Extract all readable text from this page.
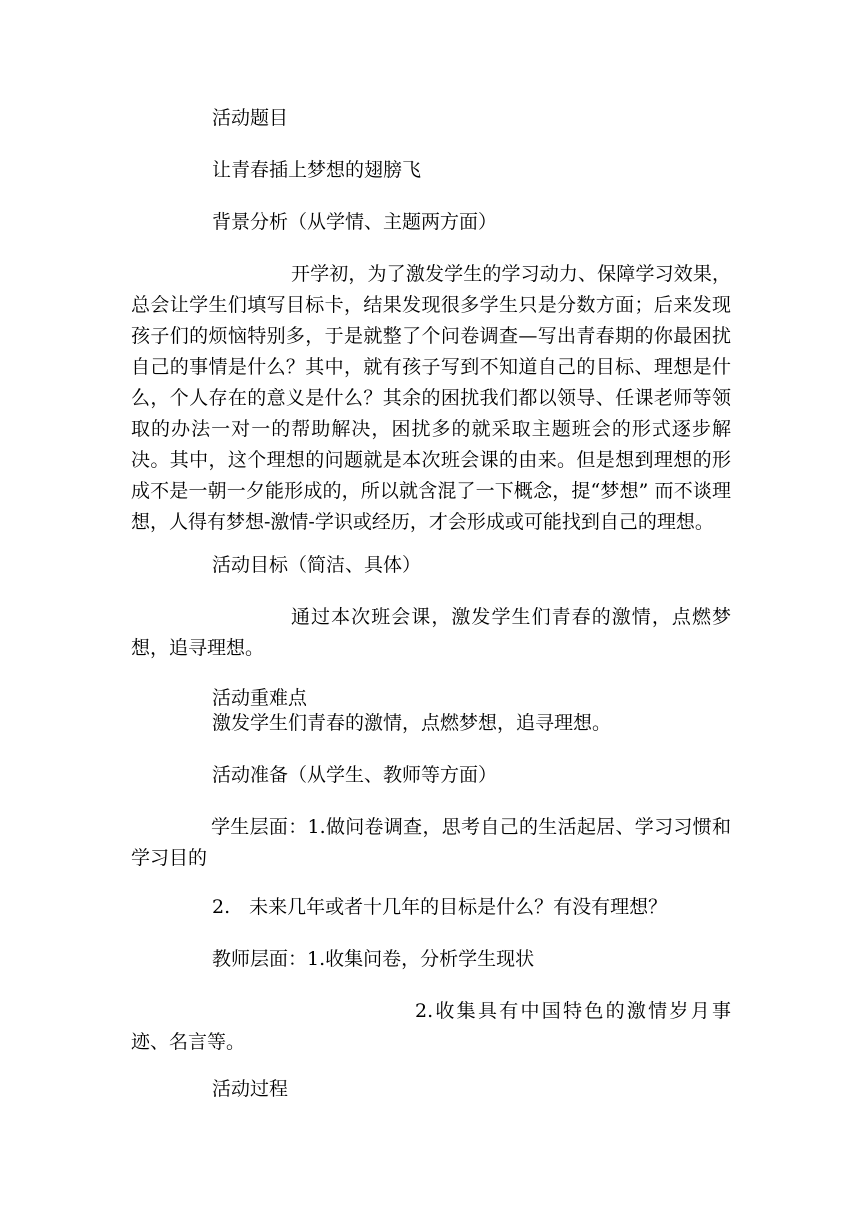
活动题目

让青春插上梦想的翅膀飞

背景分析（从学情、主题两方面）

开学初，为了激发学生的学习动力、保障学习效果，总会让学生们填写目标卡，结果发现很多学生只是分数方面；后来发现孩子们的烦恼特别多，于是就整了个问卷调查—写出青春期的你最困扰自己的事情是什么？其中，就有孩子写到不知道自己的目标、理想是什么，个人存在的意义是什么？其余的困扰我们都以领导、任课老师等领取的办法一对一的帮助解决，困扰多的就采取主题班会的形式逐步解决。其中，这个理想的问题就是本次班会课的由来。但是想到理想的形成不是一朝一夕能形成的，所以就含混了一下概念，提“梦想” 而不谈理想，人得有梦想-激情-学识或经历，才会形成或可能找到自己的理想。

活动目标（简洁、具体）

通过本次班会课，激发学生们青春的激情，点燃梦想，追寻理想。

活动重难点

激发学生们青春的激情，点燃梦想，追寻理想。

活动准备（从学生、教师等方面）

学生层面：1.做问卷调查，思考自己的生活起居、学习习惯和学习目的

2.　未来几年或者十几年的目标是什么？有没有理想？

教师层面：1.收集问卷，分析学生现状

2.收集具有中国特色的激情岁月事迹、名言等。

活动过程
